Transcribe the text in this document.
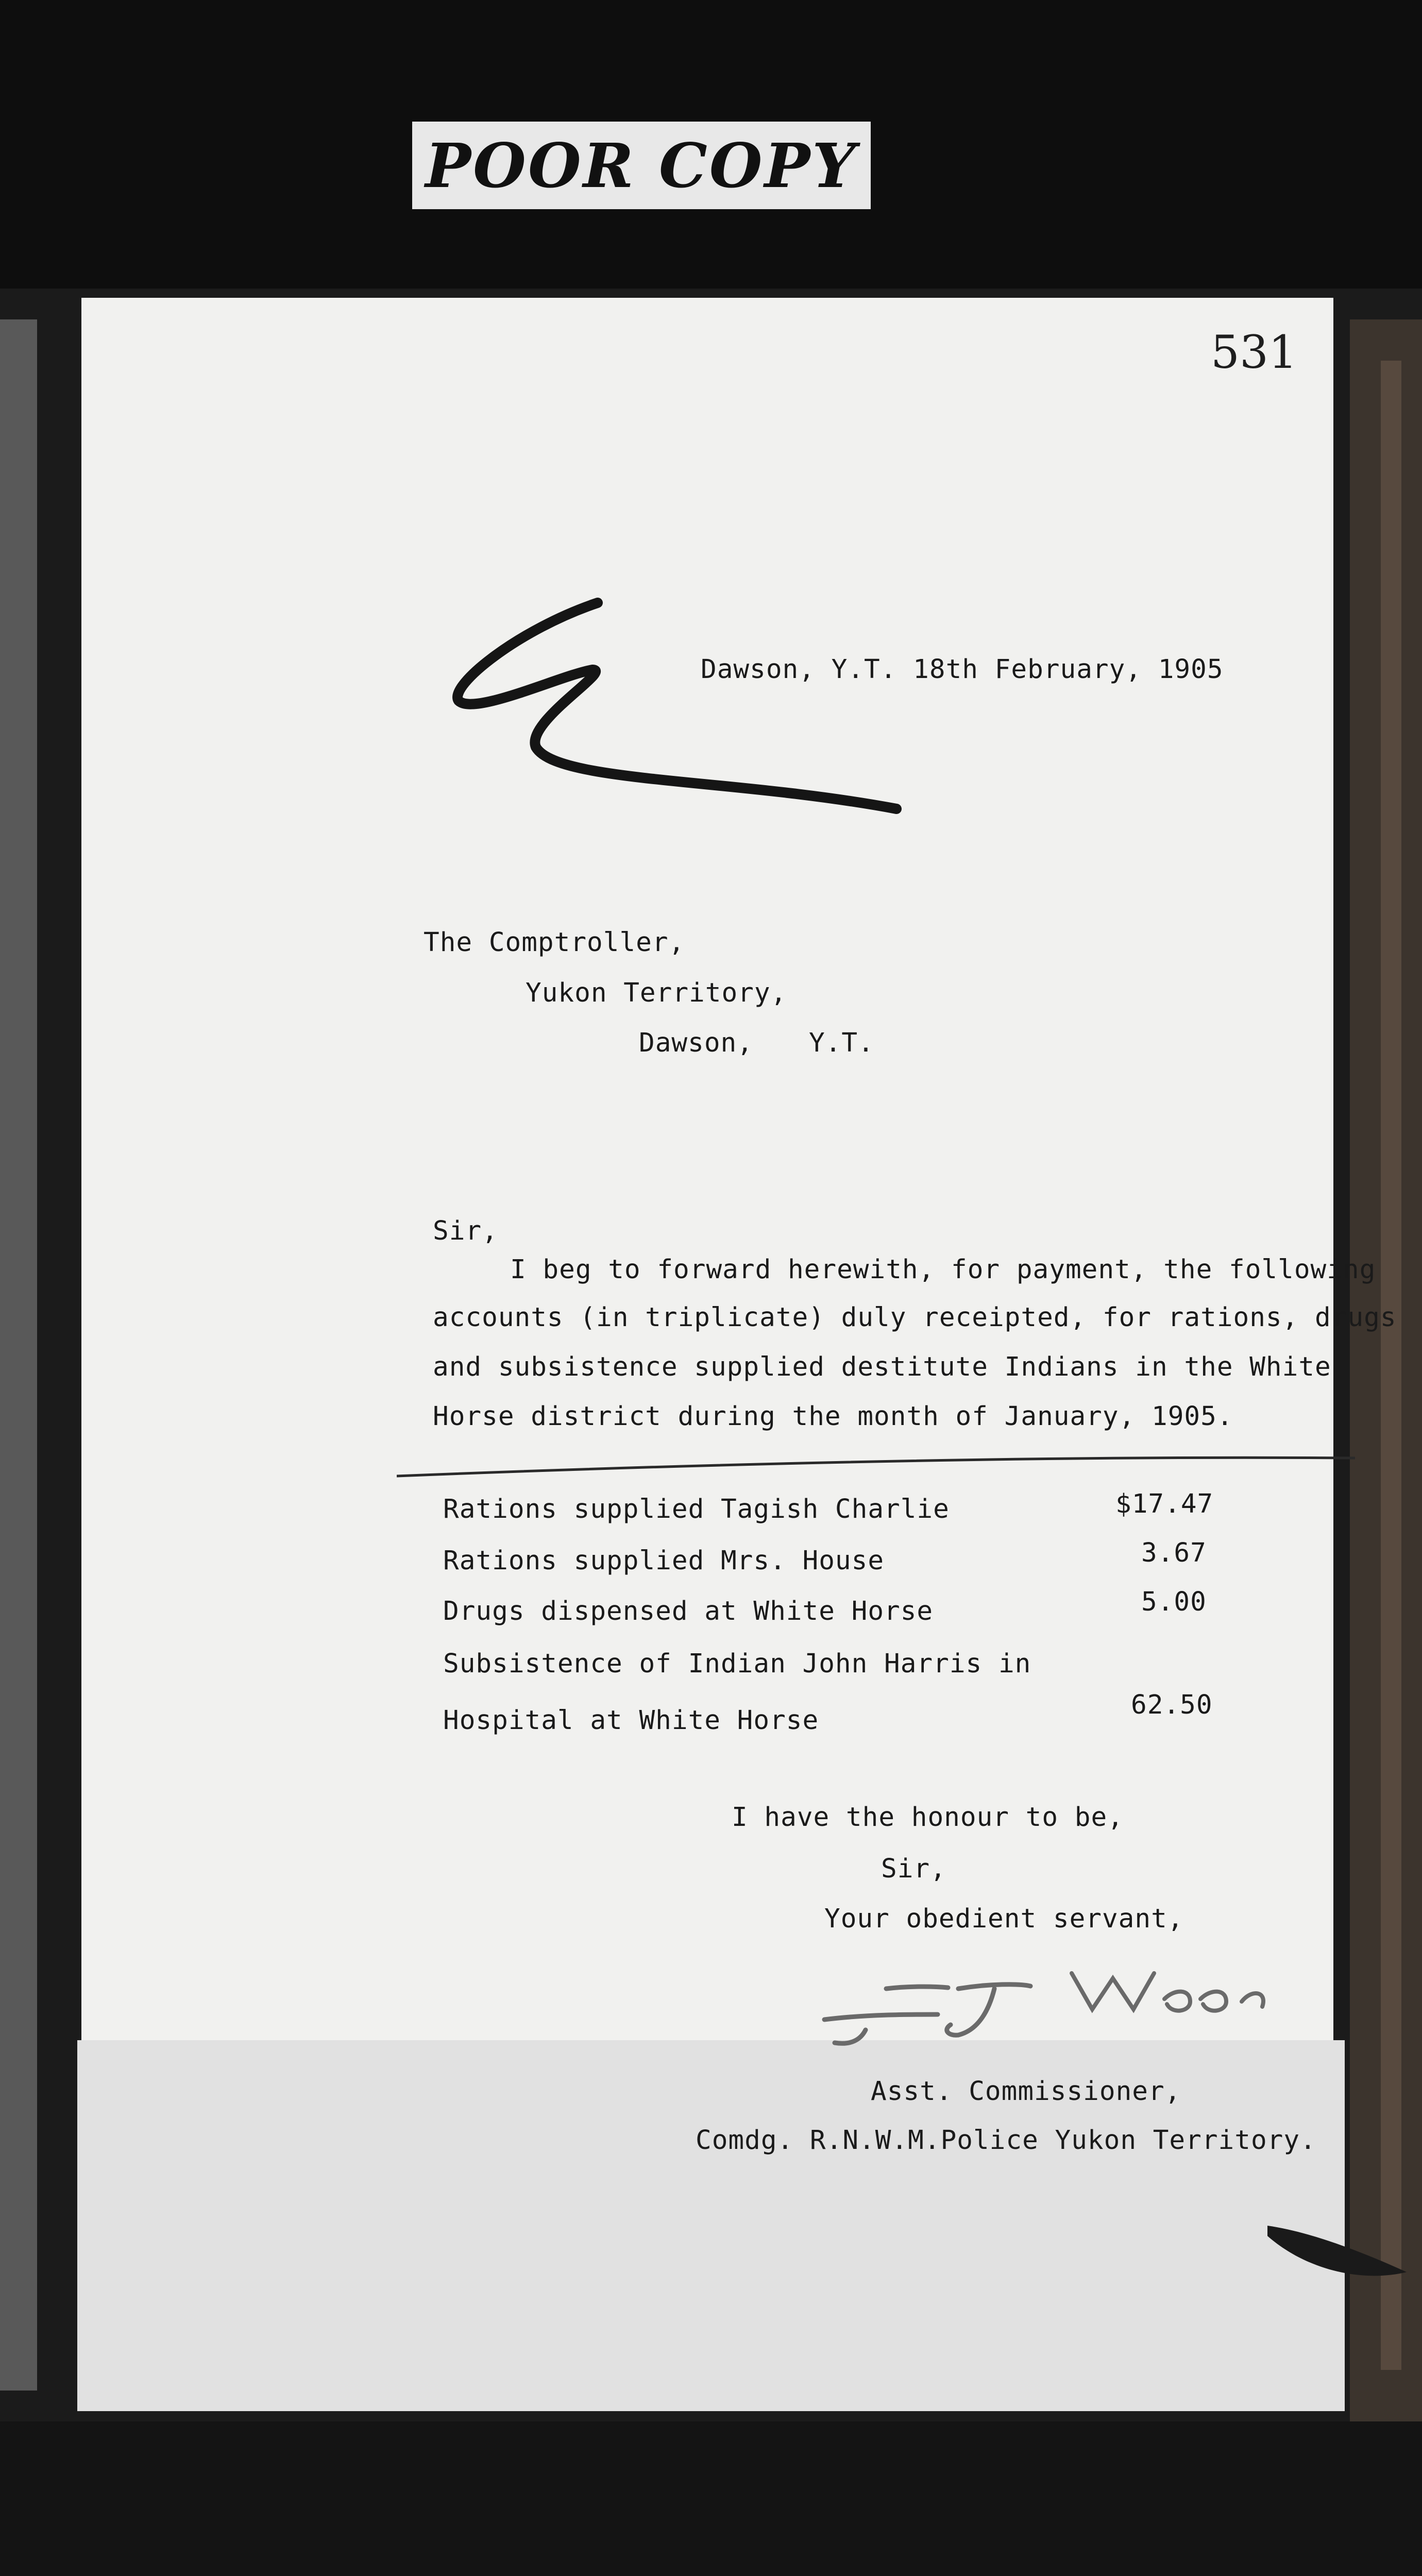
POOR COPY
531
Dawson, Y.T. 18th February, 1905
The Comptroller,
Yukon Territory,
Dawson, Y.T.
Sir,
I beg to forward herewith, for payment, the following
accounts (in triplicate) duly receipted, for rations, drugs
and subsistence supplied destitute Indians in the White
Horse district during the month of January, 1905.
Rations supplied Tagish Charlie	$17.47
Rations supplied Mrs. House	3.67
Drugs dispensed at White Horse	5.00
Subsistence of Indian John Harris in
Hospital at White Horse
62.50
I have the honour to be,
Sir,
Your obedient servant,
Asst. Commissioner,
Comdg. R.N.W.M.Police Yukon Territory.
